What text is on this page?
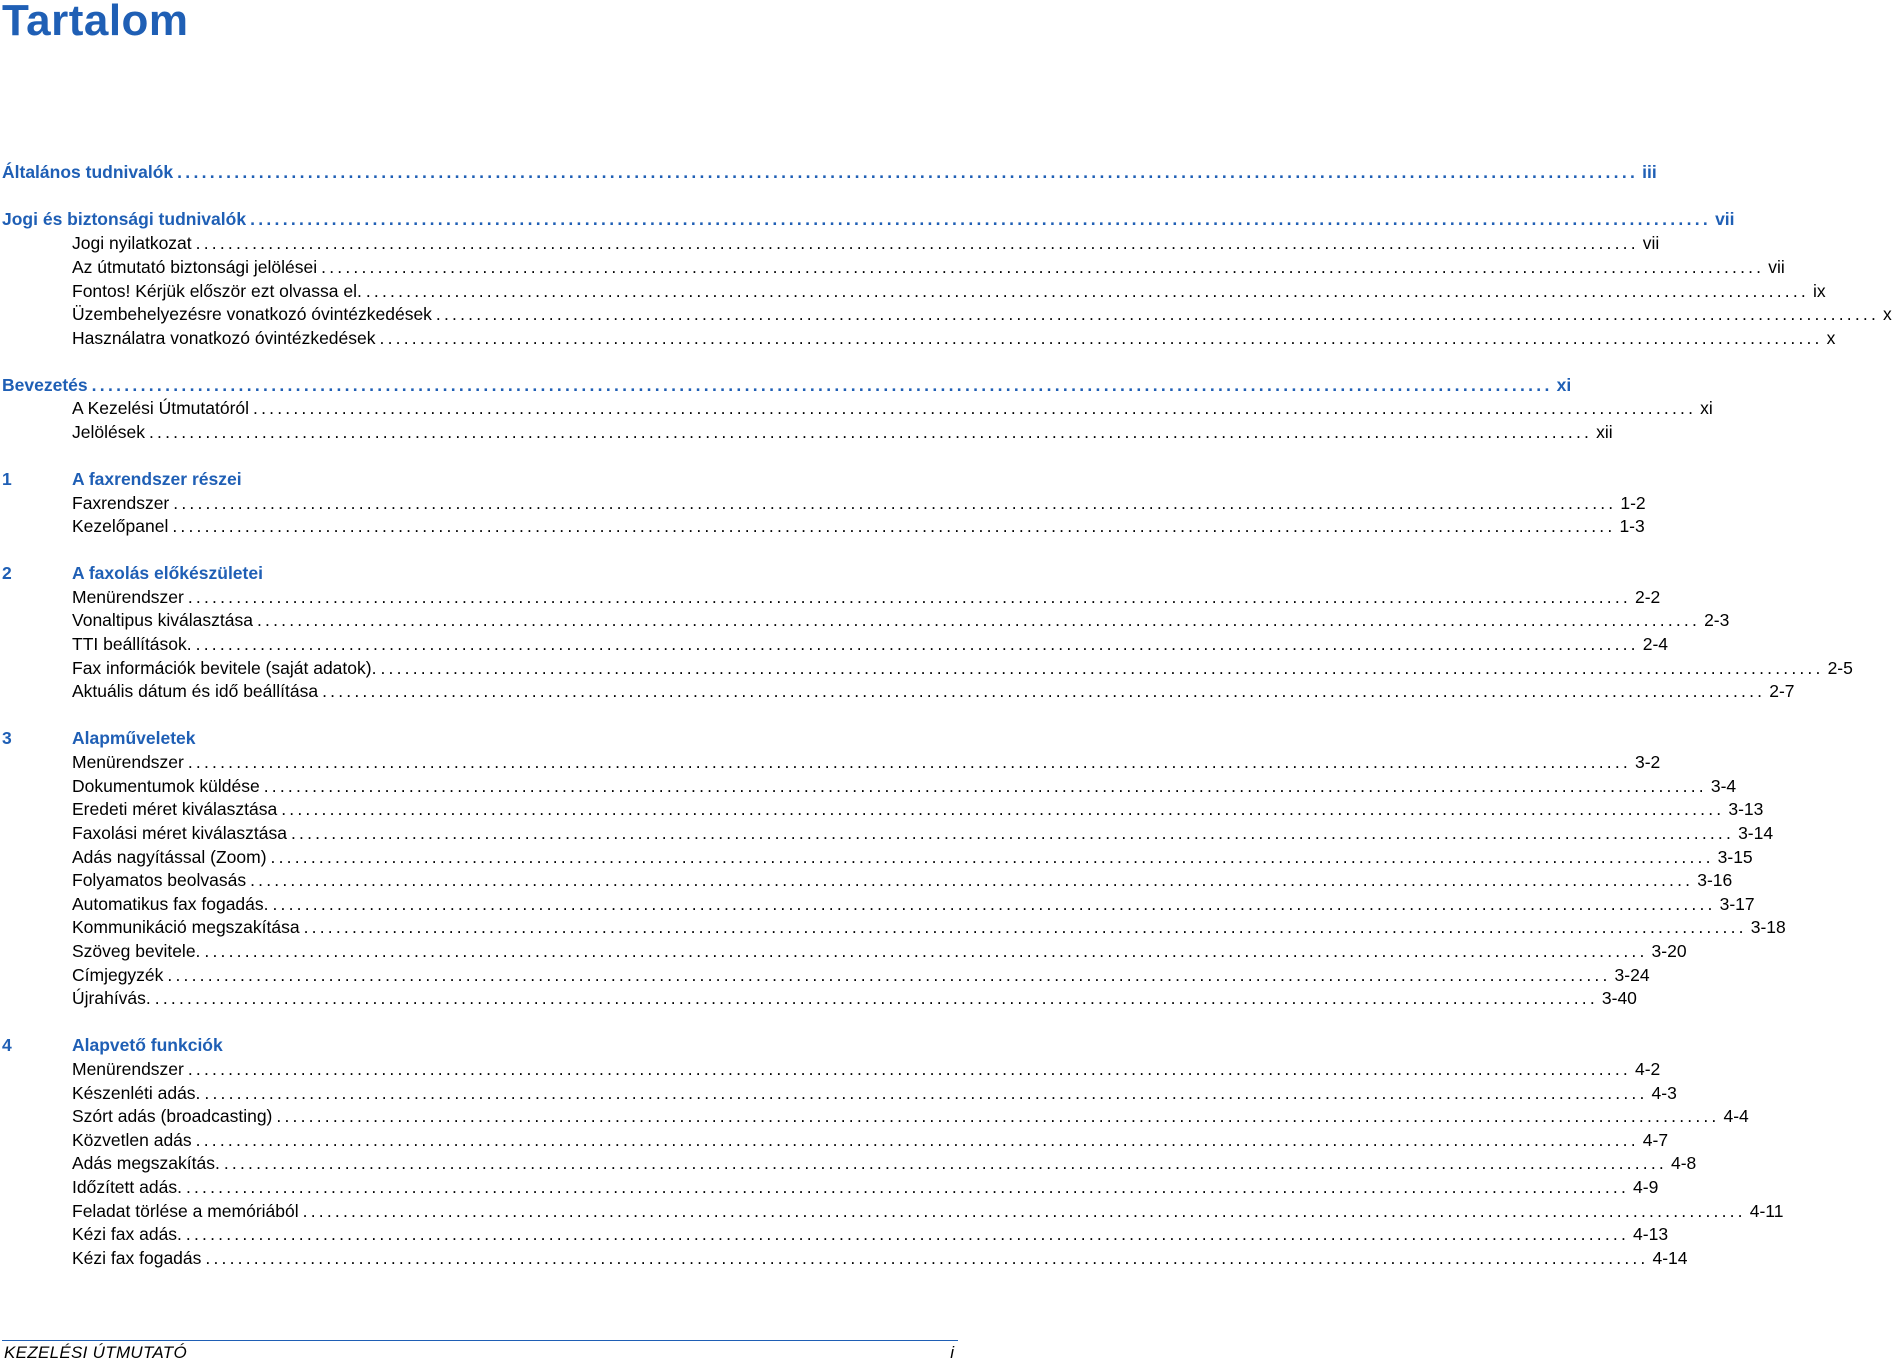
Tartalom
Általános tudnivalók ................................................................................................................................................................................... iii
Jogi és biztonsági tudnivalók ................................................................................................................................................................................... vii
Jogi nyilatkozat ................................................................................................................................................................................... vii
Az útmutató biztonsági jelölései ................................................................................................................................................................................... vii
Fontos! Kérjük először ezt olvassa el. ................................................................................................................................................................................... ix
Üzembehelyezésre vonatkozó óvintézkedések ................................................................................................................................................................................... x
Használatra vonatkozó óvintézkedések ................................................................................................................................................................................... x
Bevezetés ................................................................................................................................................................................... xi
A Kezelési Útmutatóról ................................................................................................................................................................................... xi
Jelölések ................................................................................................................................................................................... xii
1	A faxrendszer részei
Faxrendszer ................................................................................................................................................................................... 1-2
Kezelőpanel ................................................................................................................................................................................... 1-3
2	A faxolás előkészületei
Menürendszer ................................................................................................................................................................................... 2-2
Vonaltipus kiválasztása ................................................................................................................................................................................... 2-3
TTI beállítások. ................................................................................................................................................................................... 2-4
Fax információk bevitele (saját adatok). ................................................................................................................................................................................... 2-5
Aktuális dátum és idő beállítása ................................................................................................................................................................................... 2-7
3	Alapműveletek
Menürendszer ................................................................................................................................................................................... 3-2
Dokumentumok küldése ................................................................................................................................................................................... 3-4
Eredeti méret kiválasztása ................................................................................................................................................................................... 3-13
Faxolási méret kiválasztása ................................................................................................................................................................................... 3-14
Adás nagyítással (Zoom) ................................................................................................................................................................................... 3-15
Folyamatos beolvasás ................................................................................................................................................................................... 3-16
Automatikus fax fogadás. ................................................................................................................................................................................... 3-17
Kommunikáció megszakítása ................................................................................................................................................................................... 3-18
Szöveg bevitele. ................................................................................................................................................................................... 3-20
Címjegyzék ................................................................................................................................................................................... 3-24
Újrahívás. ................................................................................................................................................................................... 3-40
4	Alapvető funkciók
Menürendszer ................................................................................................................................................................................... 4-2
Készenléti adás. ................................................................................................................................................................................... 4-3
Szórt adás (broadcasting) ................................................................................................................................................................................... 4-4
Közvetlen adás ................................................................................................................................................................................... 4-7
Adás megszakítás. ................................................................................................................................................................................... 4-8
Időzített adás. ................................................................................................................................................................................... 4-9
Feladat törlése a memóriából ................................................................................................................................................................................... 4-11
Kézi fax adás. ................................................................................................................................................................................... 4-13
Kézi fax fogadás ................................................................................................................................................................................... 4-14
KEZELÉSI ÚTMUTATÓ	i
